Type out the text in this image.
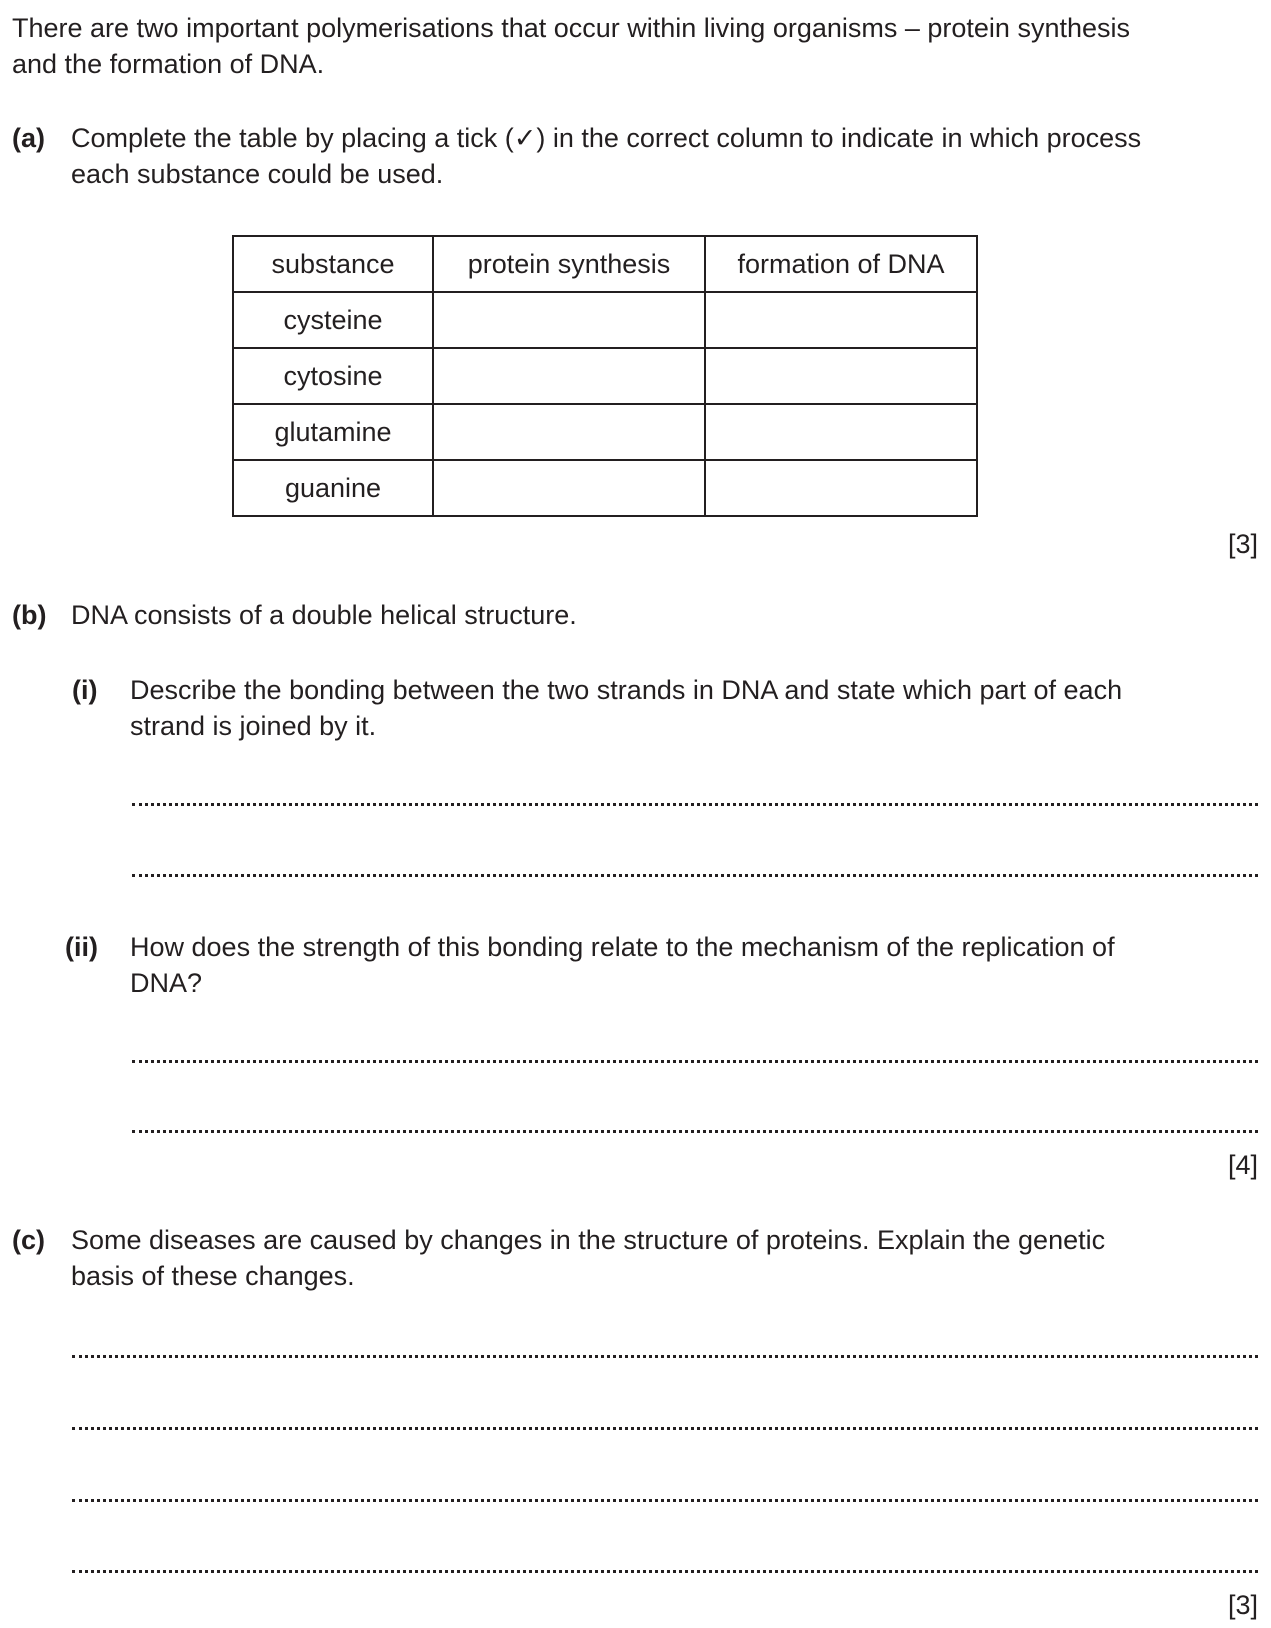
There are two important polymerisations that occur within living organisms – protein synthesis
and the formation of DNA.
(a) Complete the table by placing a tick (✓) in the correct column to indicate in which process
each substance could be used.
substance	protein synthesis	formation of DNA
cysteine		
cytosine		
glutamine		
guanine		
[3]
(b) DNA consists of a double helical structure.
(i) Describe the bonding between the two strands in DNA and state which part of each
strand is joined by it.
(ii) How does the strength of this bonding relate to the mechanism of the replication of
DNA?
[4]
(c) Some diseases are caused by changes in the structure of proteins. Explain the genetic
basis of these changes.
[3]
